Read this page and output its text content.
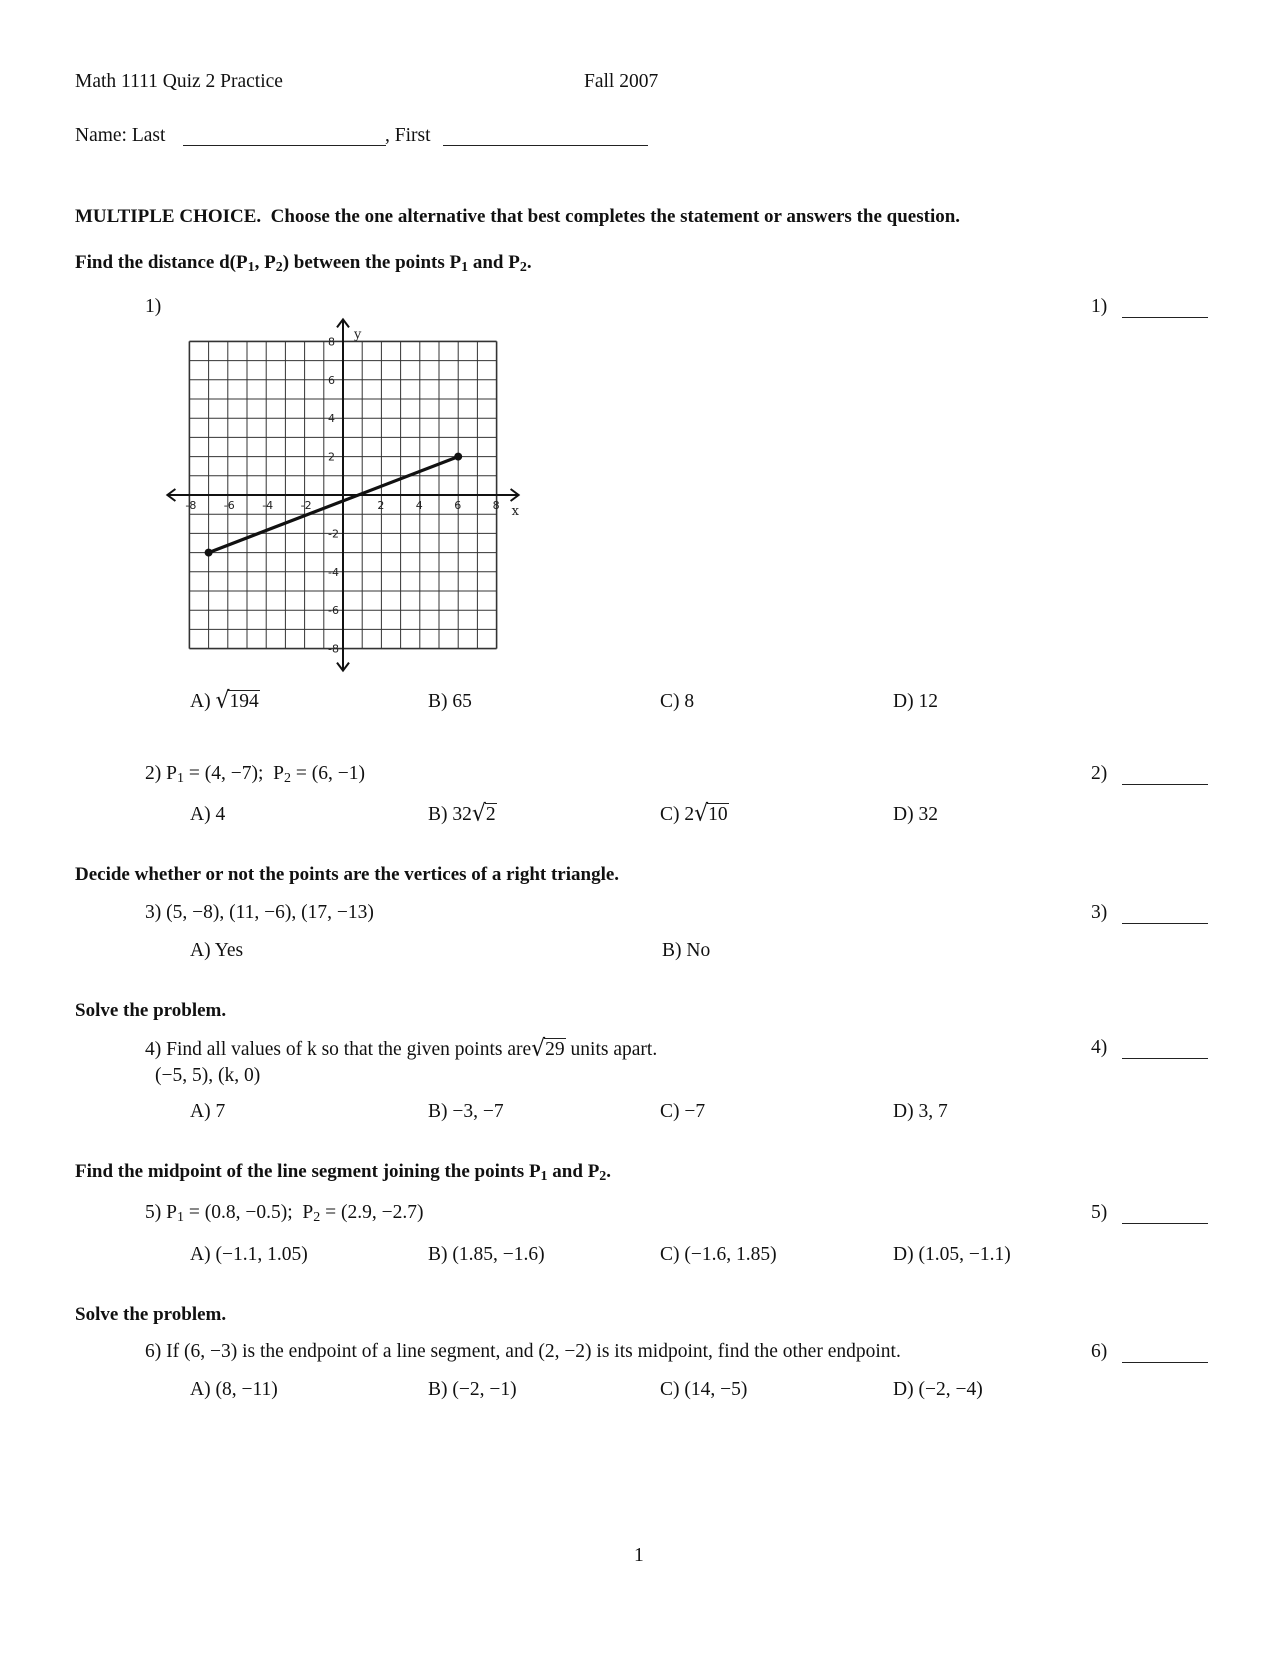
Math 1111 Quiz 2 Practice	Fall 2007
Name: Last	, First
MULTIPLE CHOICE. Choose the one alternative that best completes the statement or answers the question.
Find the distance $d(P_1$, $P_2$) between the points $P_1$ and $P_2$.
1)	1)
x
y
-8 -6 -4 -2	2	4	6	8
8
6
4
2
-2
-4
-6
-8
A) √194	B) 65	C) 8	D) 12
2) $P_1 = (4$, −7); $P_2 = (6$, −1)	2)
A) 4	B) 32√2	C) 2√10	D) 32
Decide whether or not the points are the vertices of a right triangle.
3) (5, −8), (11, −6), (17, −13)	3)
A) Yes	B) No
Solve the problem.
4) Find all values of k so that the given points are√29 units apart.
(−5, 5), (k, 0)
4)
A) 7	B) −3, −7	C) −7	D) 3, 7
Find the midpoint of the line segment joining the points $P_1$ and $P_2$.
5) $P_1 = (0.8$, −0.5); $P_2 = (2.9$, −2.7)	5)
A) (−1.1, 1.05)	B) (1.85, −1.6)	C) (−1.6, 1.85)	D) (1.05, −1.1)
Solve the problem.
6) If (6, −3) is the endpoint of a line segment, and (2, −2) is its midpoint, find the other endpoint.	6)
A) (8, −11)	B) (−2, −1)	C) (14, −5)	D) (−2, −4)
1
